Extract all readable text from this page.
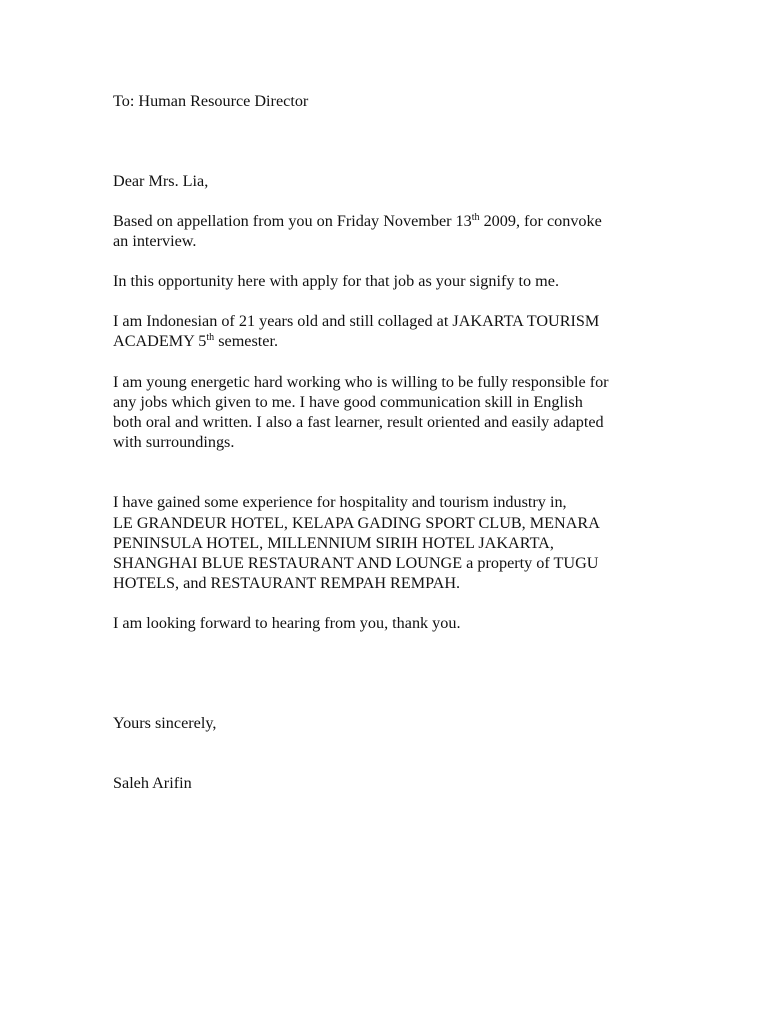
To: Human Resource Director
Dear Mrs. Lia,
Based on appellation from you on Friday November 13th 2009, for convoke
an interview.
In this opportunity here with apply for that job as your signify to me.
I am Indonesian of 21 years old and still collaged at JAKARTA TOURISM
ACADEMY 5th semester.
I am young energetic hard working who is willing to be fully responsible for
any jobs which given to me. I have good communication skill in English
both oral and written. I also a fast learner, result oriented and easily adapted
with surroundings.
I have gained some experience for hospitality and tourism industry in,
LE GRANDEUR HOTEL, KELAPA GADING SPORT CLUB, MENARA
PENINSULA HOTEL, MILLENNIUM SIRIH HOTEL JAKARTA,
SHANGHAI BLUE RESTAURANT AND LOUNGE a property of TUGU
HOTELS, and RESTAURANT REMPAH REMPAH.
I am looking forward to hearing from you, thank you.
Yours sincerely,
Saleh Arifin
